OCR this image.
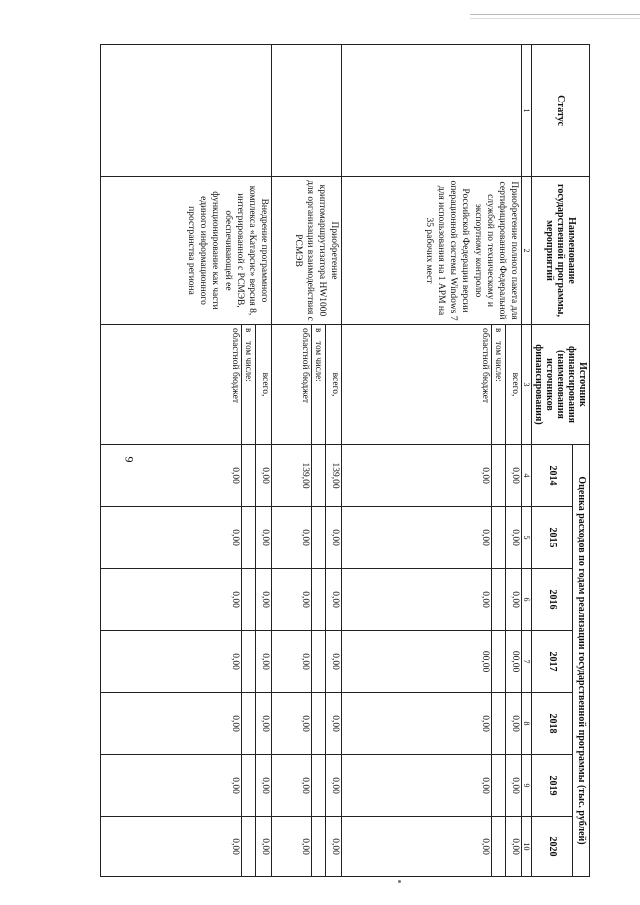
9
Статус	Наименование государственной программы, мероприятий	Источник финансирования (наименования источников финансирования)	Оценка расходов по годам реализации государственной программы (тыс. рублей)						
			2014	2015	2016	2017	2018	2019	2020
1	2	3	4	5	6	7	8	9	10
	Приобретение полного пакета для сертифицированной Федеральной службой по техническому и экспортному контролю Российской Федерации версии операционной системы Windows 7 для использования на 1 АРМ на 35 рабочих мест	всего,	0,00	0,00	0,00	00,00	0,00	0,00	0,00
		в    том числе:							
		областной бюджет	0,00	0,00	0,00	00,00	0,00	0,00	0,00
	Приобретение криптомаршрутизатора HW1000 для организации взаимодействия с РСМЭВ	всего,	139,00	0,00	0,00	0,00	0,00	0,00	0,00
		в    том числе:							
		областной бюджет	139,00	0,00	0,00	0,00	0,00	0,00	0,00
	Внедрение программного комплекса «Катарсис» версия 8, интегрированной с РСМЭВ, обеспечивающей ее функционирование как части единого информационного пространства региона	всего,	0,00	0,00	0,00	0,00	0,00	0,00	0,00
		в    том числе:							
		областной бюджет	0,00	0,00	0,00	0,00	0,00	0,00	0,00
